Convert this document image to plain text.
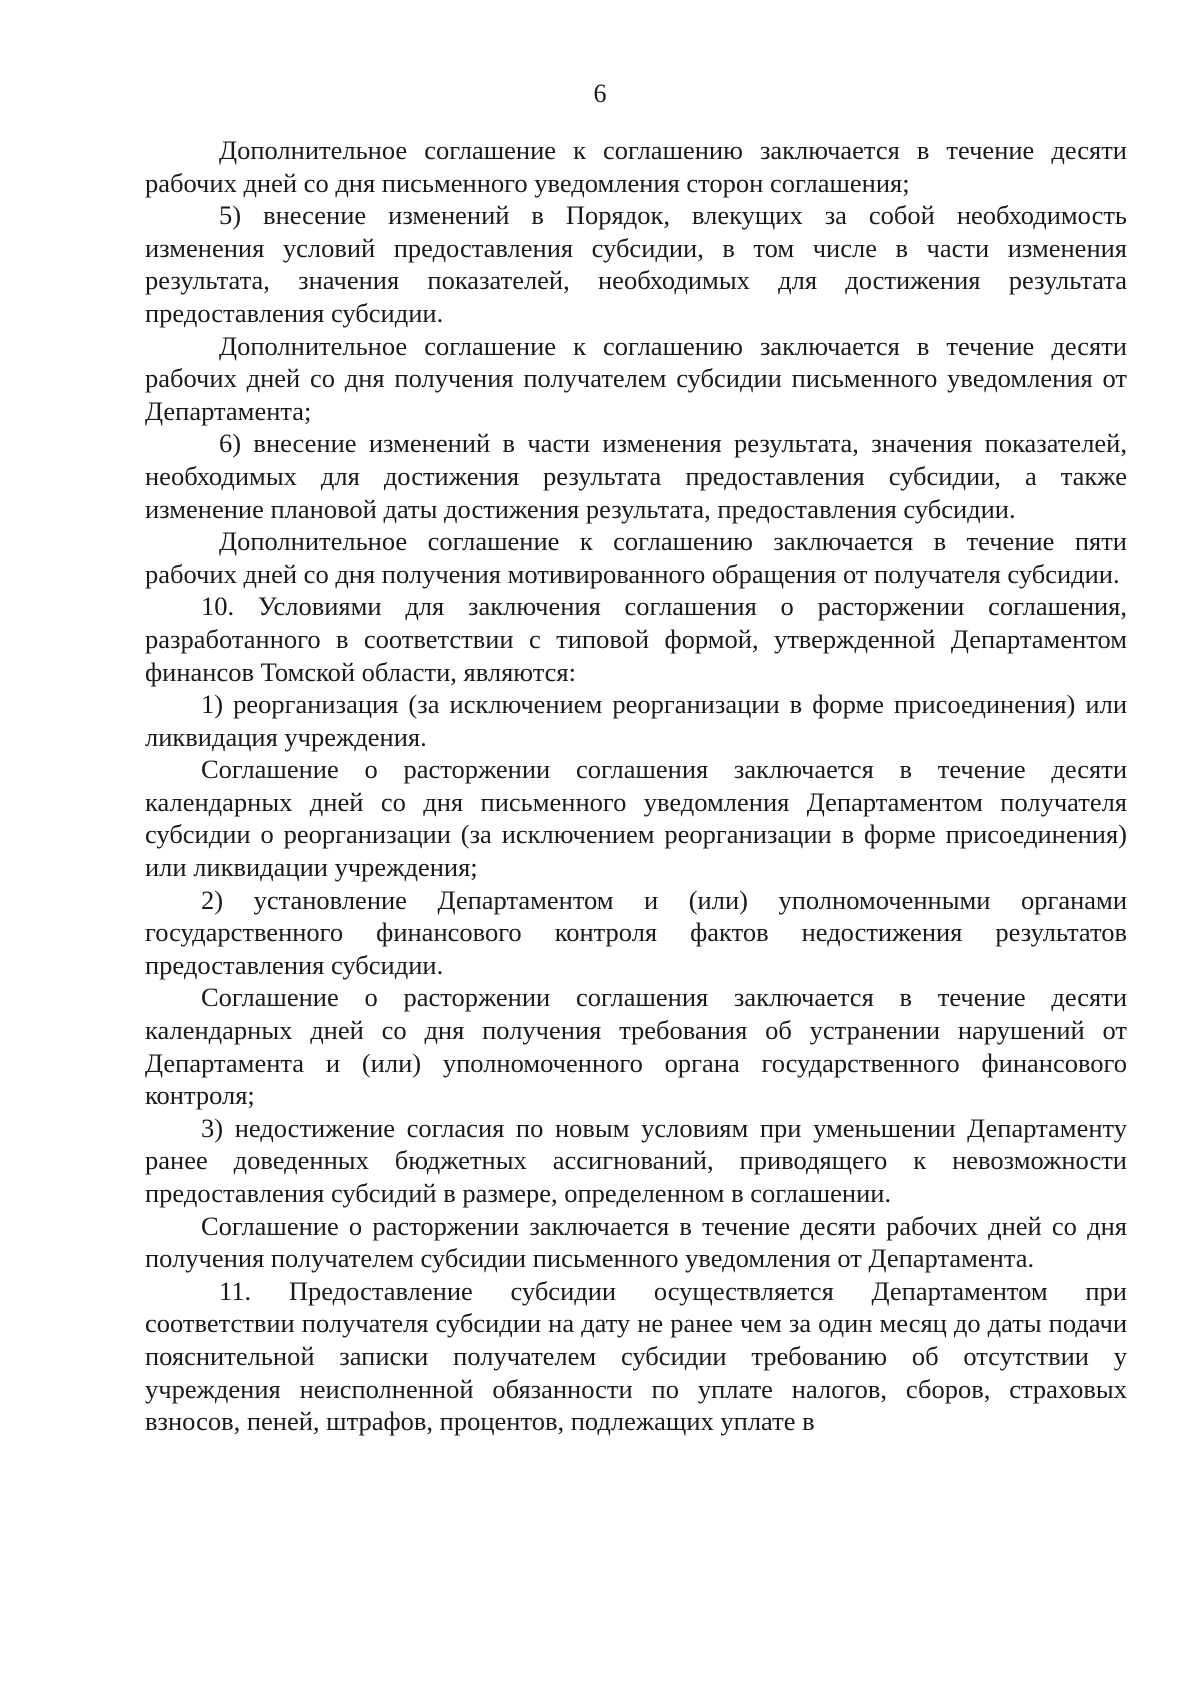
6

Дополнительное соглашение к соглашению заключается в течение десяти рабочих дней со дня письменного уведомления сторон соглашения;

5) внесение изменений в Порядок, влекущих за собой необходимость изменения условий предоставления субсидии, в том числе в части изменения результата, значения показателей, необходимых для достижения результата предоставления субсидии.

Дополнительное соглашение к соглашению заключается в течение десяти рабочих дней со дня получения получателем субсидии письменного уведомления от Департамента;

6) внесение изменений в части изменения результата, значения показателей, необходимых для достижения результата предоставления субсидии, а также изменение плановой даты достижения результата, предоставления субсидии.

Дополнительное соглашение к соглашению заключается в течение пяти рабочих дней со дня получения мотивированного обращения от получателя субсидии.

10. Условиями для заключения соглашения о расторжении соглашения, разработанного в соответствии с типовой формой, утвержденной Департаментом финансов Томской области, являются:

1) реорганизация (за исключением реорганизации в форме присоединения) или ликвидация учреждения.

Соглашение о расторжении соглашения заключается в течение десяти календарных дней со дня письменного уведомления Департаментом получателя субсидии о реорганизации (за исключением реорганизации в форме присоединения) или ликвидации учреждения;

2) установление Департаментом и (или) уполномоченными органами государственного финансового контроля фактов недостижения результатов предоставления субсидии.

Соглашение о расторжении соглашения заключается в течение десяти календарных дней со дня получения требования об устранении нарушений от Департамента и (или) уполномоченного органа государственного финансового контроля;

3) недостижение согласия по новым условиям при уменьшении Департаменту ранее доведенных бюджетных ассигнований, приводящего к невозможности предоставления субсидий в размере, определенном в соглашении.

Соглашение о расторжении заключается в течение десяти рабочих дней со дня получения получателем субсидии письменного уведомления от Департамента.

11. Предоставление субсидии осуществляется Департаментом при соответствии получателя субсидии на дату не ранее чем за один месяц до даты подачи пояснительной записки получателем субсидии требованию об отсутствии у учреждения неисполненной обязанности по уплате налогов, сборов, страховых взносов, пеней, штрафов, процентов, подлежащих уплате в
